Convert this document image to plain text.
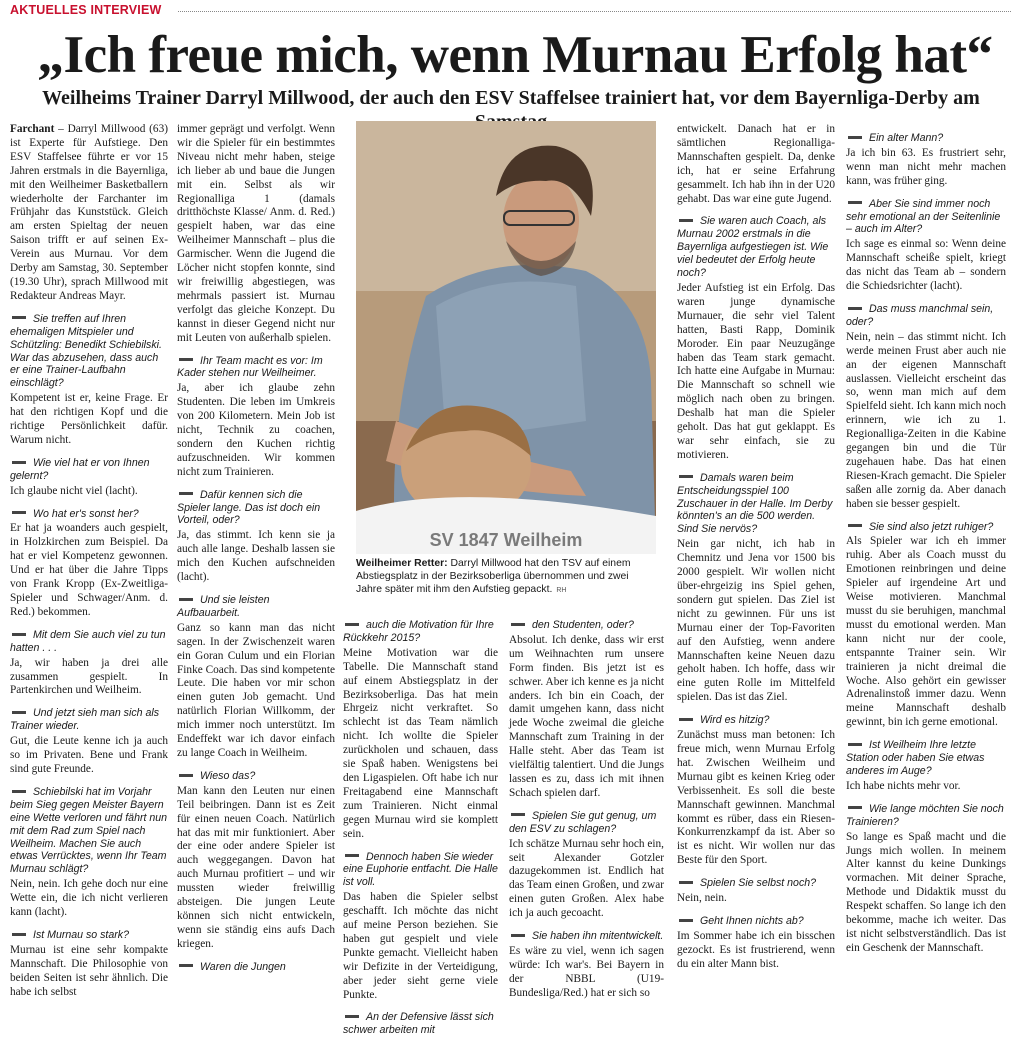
AKTUELLES INTERVIEW
„Ich freue mich, wenn Murnau Erfolg hat“
Weilheims Trainer Darryl Millwood, der auch den ESV Staffelsee trainiert hat, vor dem Bayernliga-Derby am

Farchant – Darryl Millwood (63) ist Experte für Aufstiege. Den ESV Staffelsee führte er vor 15 Jahren erstmals in die Bayernliga, mit den Weilheimer Basketballern wiederholte der Farchanter im Frühjahr das Kunststück. Gleich am ersten Spieltag der neuen Saison trifft er auf seinen Ex-Verein aus Murnau. Vor dem Derby am Samstag, 30. September (19.30 Uhr), sprach Millwood mit Redakteur Andreas Mayr.

Sie treffen auf Ihren ehemaligen Mitspieler und Schützling: Benedikt Schiebilski. War das abzusehen, dass auch er eine Trainer-Laufbahn einschlägt?

Kompetent ist er, keine Frage. Er hat den richtigen Kopf und die richtige Persönlichkeit dafür. Warum nicht.

Wie viel hat er von Ihnen gelernt?

Ich glaube nicht viel (lacht).

Wo hat er's sonst her?

Er hat ja woanders auch gespielt, in Holzkirchen zum Beispiel. Da hat er viel Kompetenz gewonnen. Und er hat über die Jahre Tipps von Frank Kropp (Ex-Zweitliga-Spieler und Schwager/Anm. d. Red.) bekommen.

Mit dem Sie auch viel zu tun hatten . . .

Ja, wir haben ja drei alle zusammen gespielt. In Partenkirchen und Weilheim.

Und jetzt sieh man sich als Trainer wieder.

Gut, die Leute kenne ich ja auch so im Privaten. Bene und Frank sind gute Freunde.

Schiebilski hat im Vorjahr beim Sieg gegen Meister Bayern eine Wette verloren und fährt nun mit dem Rad zum Spiel nach Weilheim. Machen Sie auch etwas Verrücktes, wenn Ihr Team Murnau schlägt?

Nein, nein. Ich gehe doch nur eine Wette ein, die ich nicht verlieren kann (lacht).

Ist Murnau so stark?

Murnau ist eine sehr kompakte Mannschaft. Die Philosophie von beiden Seiten ist sehr ähnlich. Die habe ich selbst

immer geprägt und verfolgt. Wenn wir die Spieler für ein bestimmtes Niveau nicht mehr haben, steige ich lieber ab und baue die Jungen mit ein. Selbst als wir Regionalliga 1 (damals dritthöchste Klasse/ Anm. d. Red.) gespielt haben, war das eine Weilheimer Mannschaft – plus die Garmischer. Wenn die Jugend die Löcher nicht stopfen konnte, sind wir freiwillig abgestiegen, was mehrmals passiert ist. Murnau verfolgt das gleiche Konzept. Du kannst in dieser Gegend nicht nur mit Leuten von außerhalb spielen.

Ihr Team macht es vor: Im Kader stehen nur Weilheimer.

Ja, aber ich glaube zehn Studenten. Die leben im Umkreis von 200 Kilometern. Mein Job ist nicht, Technik zu coachen, sondern den Kuchen richtig aufzuschneiden. Wir kommen nicht zum Trainieren.

Dafür kennen sich die Spieler lange. Das ist doch ein Vorteil, oder?

Ja, das stimmt. Ich kenn sie ja auch alle lange. Deshalb lassen sie mich den Kuchen aufschneiden (lacht).

Und sie leisten Aufbauarbeit.

Ganz so kann man das nicht sagen. In der Zwischenzeit waren ein Goran Culum und ein Florian Finke Coach. Das sind kompetente Leute. Die haben vor mir schon einen guten Job gemacht. Und natürlich Florian Willkomm, der mich immer noch unterstützt. Im Endeffekt war ich davor einfach zu lange Coach in Weilheim.

Wieso das?

Man kann den Leuten nur einen Teil beibringen. Dann ist es Zeit für einen neuen Coach. Natürlich hat das mit mir funktioniert. Aber der eine oder andere Spieler ist auch weggegangen. Davon hat auch Murnau profitiert – und wir mussten wieder freiwillig absteigen. Die jungen Leute können sich nicht entwickeln, wenn sie ständig eins aufs Dach kriegen.

Waren die Jungen

SV 1847 Weilheim
Weilheimer Retter: Darryl Millwood hat den TSV auf einem Abstiegsplatz in der Bezirksoberliga übernommen und zwei Jahre später mit ihm den Aufstieg gepackt. RH

auch die Motivation für Ihre Rückkehr 2015?

Meine Motivation war die Tabelle. Die Mannschaft stand auf einem Abstiegsplatz in der Bezirksoberliga. Das hat mein Ehrgeiz nicht verkraftet. So schlecht ist das Team nämlich nicht. Ich wollte die Spieler zurückholen und schauen, dass sie Spaß haben. Wenigstens bei den Ligaspielen. Oft habe ich nur Freitagabend eine Mannschaft zum Trainieren. Nicht einmal gegen Murnau wird sie komplett sein.

Dennoch haben Sie wieder eine Euphorie entfacht. Die Halle ist voll.

Das haben die Spieler selbst geschafft. Ich möchte das nicht auf meine Person beziehen. Sie haben gut gespielt und viele Punkte gemacht. Vielleicht haben wir Defizite in der Verteidigung, aber jeder sieht gerne viele Punkte.

An der Defensive lässt sich schwer arbeiten mit

den Studenten, oder?

Absolut. Ich denke, dass wir erst um Weihnachten rum unsere Form finden. Bis jetzt ist es schwer. Aber ich kenne es ja nicht anders. Ich bin ein Coach, der damit umgehen kann, dass nicht jede Woche zweimal die gleiche Mannschaft zum Training in der Halle steht. Aber das Team ist vielfältig talentiert. Und die Jungs lassen es zu, dass ich mit ihnen Schach spielen darf.

Spielen Sie gut genug, um den ESV zu schlagen?

Ich schätze Murnau sehr hoch ein, seit Alexander Gotzler dazugekommen ist. Endlich hat das Team einen Großen, und zwar einen guten Großen. Alex habe ich ja auch gecoacht.

Sie haben ihn mitentwickelt.

Es wäre zu viel, wenn ich sagen würde: Ich war's. Bei Bayern in der NBBL (U19-Bundesliga/Red.) hat er sich so

entwickelt. Danach hat er in sämtlichen Regionalliga-Mannschaften gespielt. Da, denke ich, hat er seine Erfahrung gesammelt. Ich hab ihn in der U20 gehabt. Das war eine gute Jugend.

Sie waren auch Coach, als Murnau 2002 erstmals in die Bayernliga aufgestiegen ist. Wie viel bedeutet der Erfolg heute noch?

Jeder Aufstieg ist ein Erfolg. Das waren junge dynamische Murnauer, die sehr viel Talent hatten, Basti Rapp, Dominik Moroder. Ein paar Neuzugänge haben das Team stark gemacht. Ich hatte eine Aufgabe in Murnau: Die Mannschaft so schnell wie möglich nach oben zu bringen. Deshalb hat man die Spieler geholt. Das hat gut geklappt. Es war sehr einfach, sie zu motivieren.

Damals waren beim Entscheidungsspiel 100 Zuschauer in der Halle. Im Derby könnten's an die 500 werden. Sind Sie nervös?

Nein gar nicht, ich hab in Chemnitz und Jena vor 1500 bis 2000 gespielt. Wir wollen nicht über-ehrgeizig ins Spiel gehen, sondern gut spielen. Das Ziel ist nicht zu gewinnen. Für uns ist Murnau einer der Top-Favoriten auf den Aufstieg, wenn andere Mannschaften keine Neuen dazu geholt haben. Ich hoffe, dass wir eine guten Rolle im Mittelfeld spielen. Das ist das Ziel.

Wird es hitzig?

Zunächst muss man betonen: Ich freue mich, wenn Murnau Erfolg hat. Zwischen Weilheim und Murnau gibt es keinen Krieg oder Verbissenheit. Es soll die beste Mannschaft gewinnen. Manchmal kommt es rüber, dass ein Riesen-Konkurrenzkampf da ist. Aber so ist es nicht. Wir wollen nur das Beste für den Sport.

Spielen Sie selbst noch?

Nein, nein.

Geht Ihnen nichts ab?

Im Sommer habe ich ein bisschen gezockt. Es ist frustrierend, wenn du ein alter Mann bist.

Ein alter Mann?

Ja ich bin 63. Es frustriert sehr, wenn man nicht mehr machen kann, was früher ging.

Aber Sie sind immer noch sehr emotional an der Seitenlinie – auch im Alter?

Ich sage es einmal so: Wenn deine Mannschaft scheiße spielt, kriegt das nicht das Team ab – sondern die Schiedsrichter (lacht).

Das muss manchmal sein, oder?

Nein, nein – das stimmt nicht. Ich werde meinen Frust aber auch nie an der eigenen Mannschaft auslassen. Vielleicht erscheint das so, wenn man mich auf dem Spielfeld sieht. Ich kann mich noch erinnern, wie ich zu 1. Regionalliga-Zeiten in die Kabine gegangen bin und die Tür zugehauen habe. Das hat einen Riesen-Krach gemacht. Die Spieler saßen alle zornig da. Aber danach haben sie besser gespielt.

Sie sind also jetzt ruhiger?

Als Spieler war ich eh immer ruhig. Aber als Coach musst du Emotionen reinbringen und deine Spieler auf irgendeine Art und Weise motivieren. Manchmal musst du sie beruhigen, manchmal musst du emotional werden. Man kann nicht nur der coole, entspannte Trainer sein. Wir trainieren ja nicht dreimal die Woche. Also gehört ein gewisser Adrenalinstoß immer dazu. Wenn meine Mannschaft deshalb gewinnt, bin ich gerne emotional.

Ist Weilheim Ihre letzte Station oder haben Sie etwas anderes im Auge?

Ich habe nichts mehr vor.

Wie lange möchten Sie noch Trainieren?

So lange es Spaß macht und die Jungs mich wollen. In meinem Alter kannst du keine Dunkings vormachen. Mit deiner Sprache, Methode und Didaktik musst du Respekt schaffen. So lange ich den bekomme, mache ich weiter. Das ist nicht selbstverständlich. Das ist ein Geschenk der Mannschaft.
